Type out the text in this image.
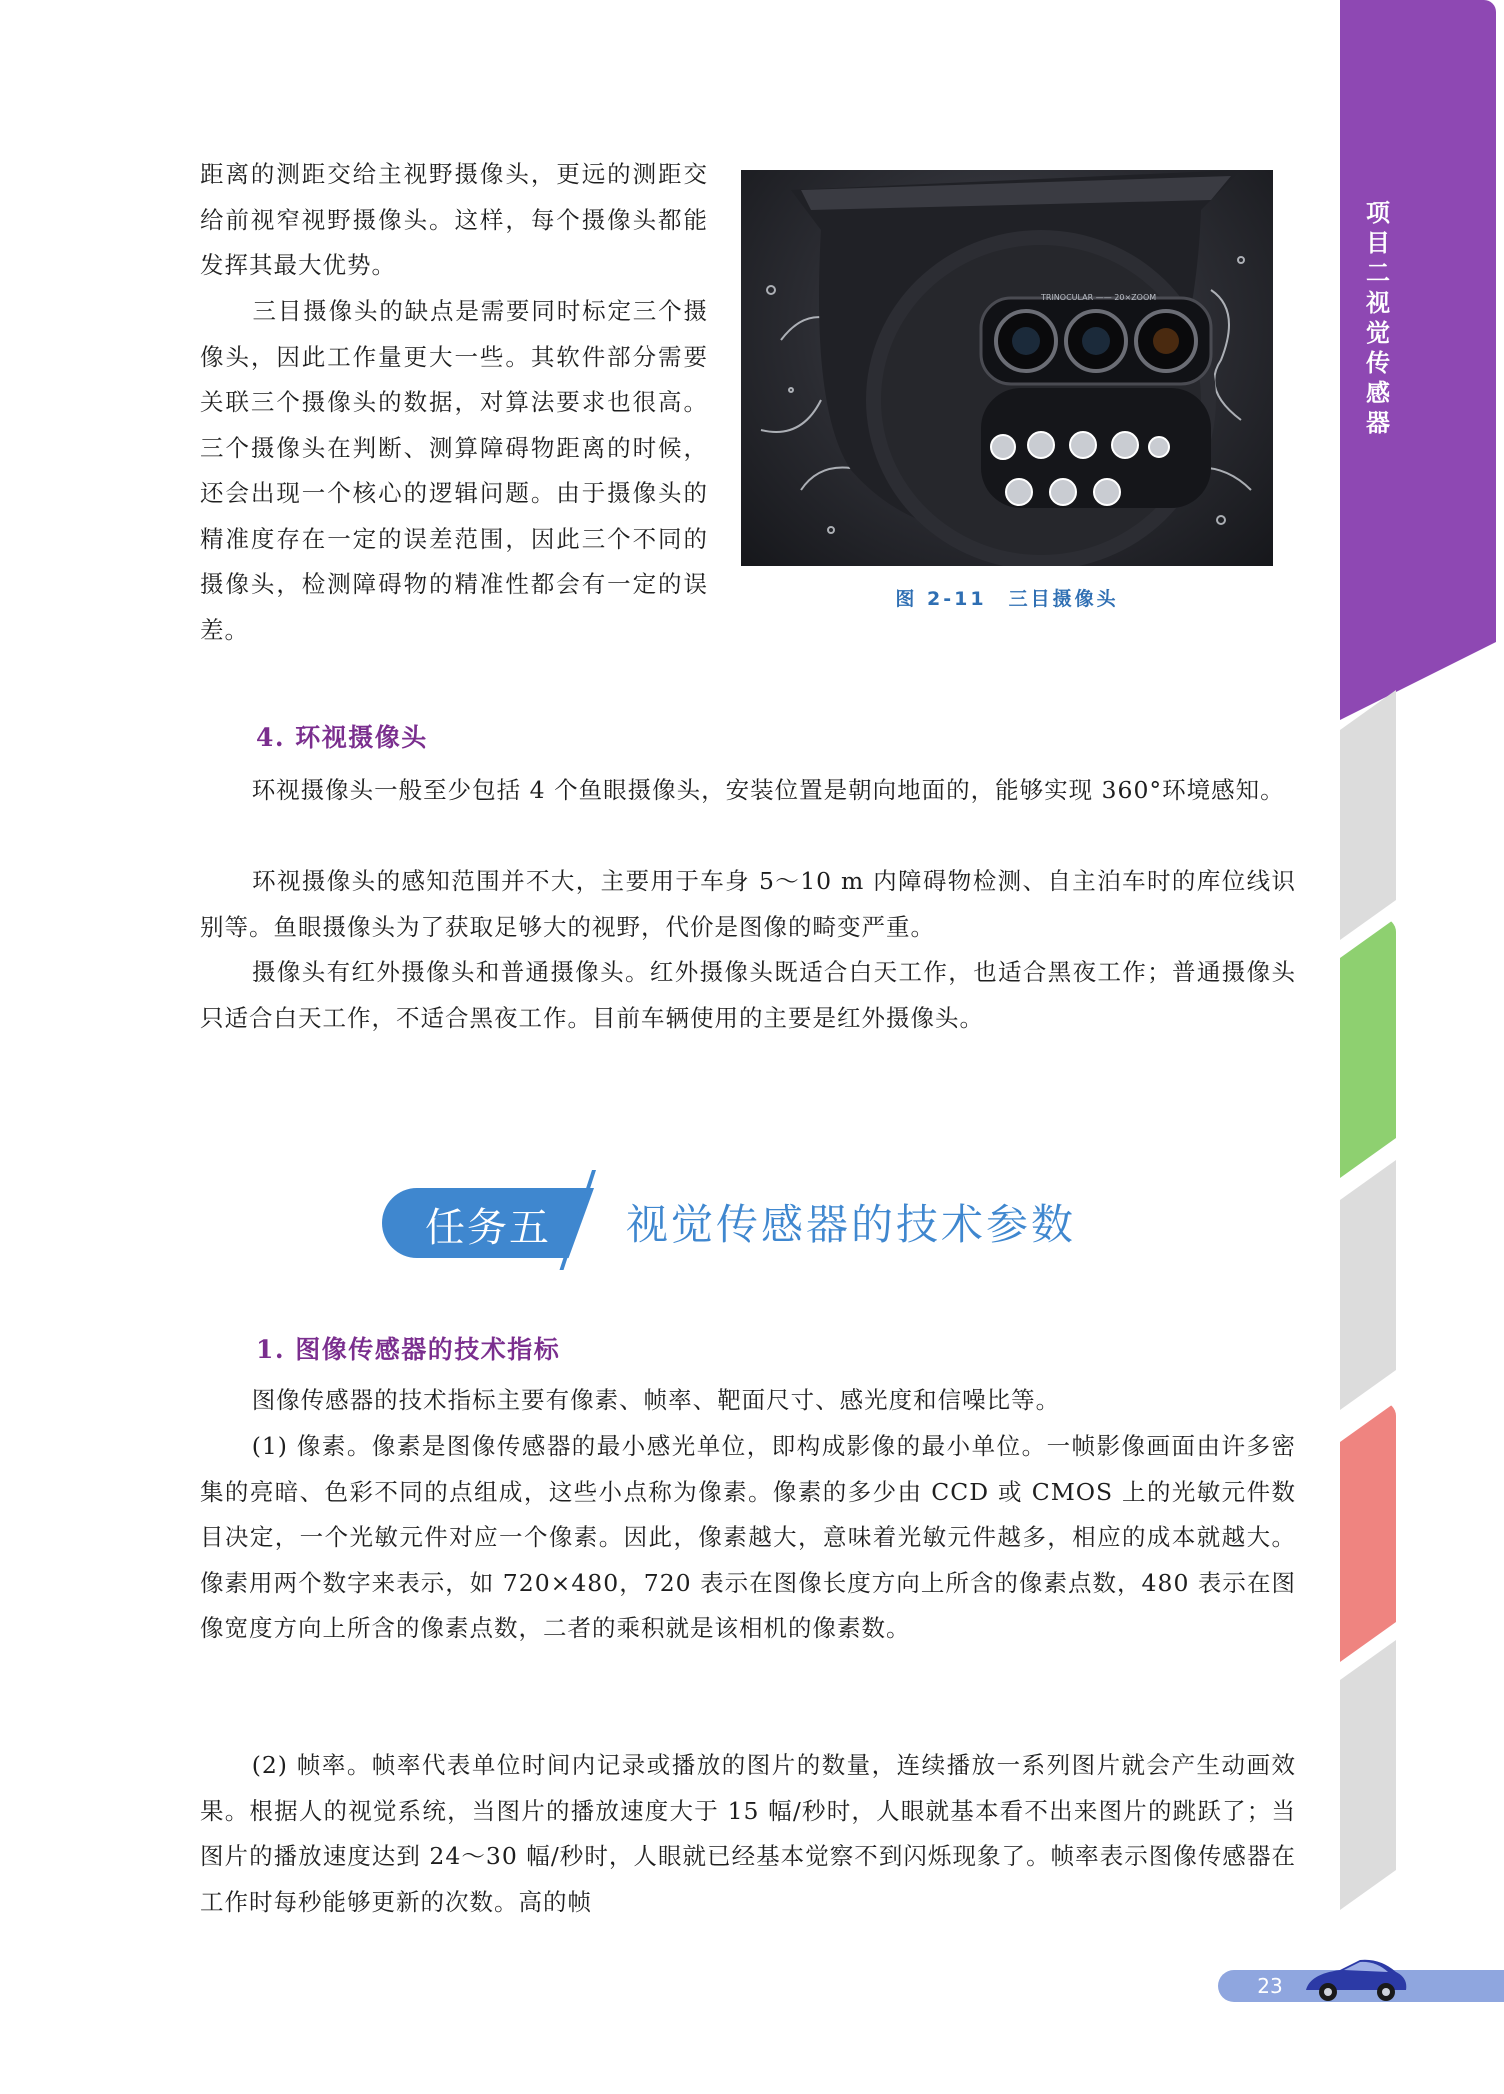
项目二 视觉传感器

距离的测距交给主视野摄像头，更远的测距交给前视窄视野摄像头。这样，每个摄像头都能发挥其最大优势。

三目摄像头的缺点是需要同时标定三个摄像头，因此工作量更大一些。其软件部分需要关联三个摄像头的数据，对算法要求也很高。三个摄像头在判断、测算障碍物距离的时候，还会出现一个核心的逻辑问题。由于摄像头的精准度存在一定的误差范围，因此三个不同的摄像头，检测障碍物的精准性都会有一定的误差。

TRINOCULAR —— 20×ZOOM
图 2-11　三目摄像头
4. 环视摄像头

环视摄像头一般至少包括 4 个鱼眼摄像头，安装位置是朝向地面的，能够实现 360°环境感知。

环视摄像头的感知范围并不大，主要用于车身 5～10 m 内障碍物检测、自主泊车时的库位线识别等。鱼眼摄像头为了获取足够大的视野，代价是图像的畸变严重。

摄像头有红外摄像头和普通摄像头。红外摄像头既适合白天工作，也适合黑夜工作；普通摄像头只适合白天工作，不适合黑夜工作。目前车辆使用的主要是红外摄像头。

任务五	视觉传感器的技术参数
1. 图像传感器的技术指标

图像传感器的技术指标主要有像素、帧率、靶面尺寸、感光度和信噪比等。

(1) 像素。像素是图像传感器的最小感光单位，即构成影像的最小单位。一帧影像画面由许多密集的亮暗、色彩不同的点组成，这些小点称为像素。像素的多少由 CCD 或 CMOS 上的光敏元件数目决定，一个光敏元件对应一个像素。因此，像素越大，意味着光敏元件越多，相应的成本就越大。像素用两个数字来表示，如 720×480，720 表示在图像长度方向上所含的像素点数，480 表示在图像宽度方向上所含的像素点数，二者的乘积就是该相机的像素数。

(2) 帧率。帧率代表单位时间内记录或播放的图片的数量，连续播放一系列图片就会产生动画效果。根据人的视觉系统，当图片的播放速度大于 15 幅/秒时，人眼就基本看不出来图片的跳跃了；当图片的播放速度达到 24～30 幅/秒时，人眼就已经基本觉察不到闪烁现象了。帧率表示图像传感器在工作时每秒能够更新的次数。高的帧

23
